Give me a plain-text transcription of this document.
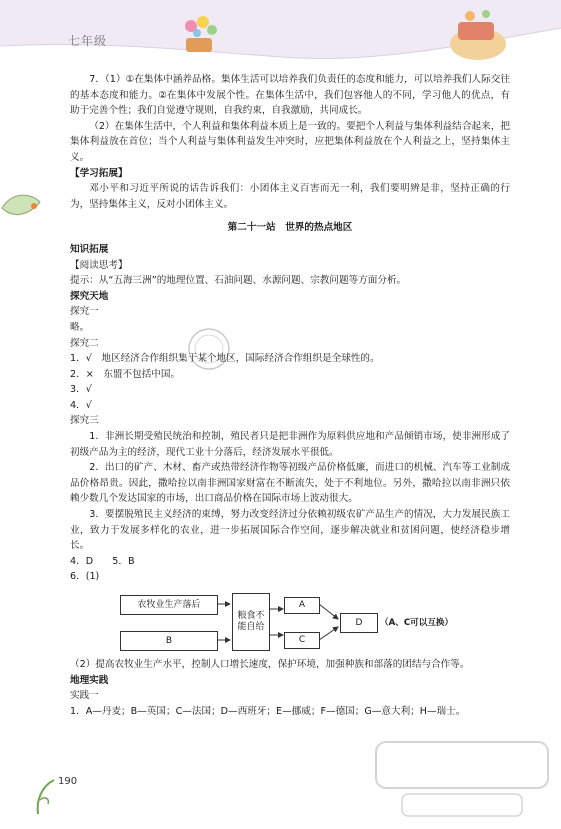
七年级

7．（1）①在集体中涵养品格。集体生活可以培养我们负责任的态度和能力，可以培养我们人际交往的基本态度和能力。②在集体中发展个性。在集体生活中，我们包容他人的不同，学习他人的优点，有助于完善个性；我们自觉遵守规则，自我约束，自我激励，共同成长。

（2）在集体生活中，个人利益和集体利益本质上是一致的。要把个人利益与集体利益结合起来，把集体利益放在首位；当个人利益与集体利益发生冲突时，应把集体利益放在个人利益之上，坚持集体主义。

【学习拓展】

邓小平和习近平所说的话告诉我们：小团体主义百害而无一利，我们要明辨是非，坚持正确的行为，坚持集体主义，反对小团体主义。

第二十一站　世界的热点地区

知识拓展

【阅读思考】

提示：从“五海三洲”的地理位置、石油问题、水源问题、宗教问题等方面分析。

探究天地

探究一

略。

探究二

1．√　地区经济合作组织集于某个地区，国际经济合作组织是全球性的。

2．×　东盟不包括中国。

3．√

4．√

探究三

1．非洲长期受殖民统治和控制，殖民者只是把非洲作为原料供应地和产品倾销市场，使非洲形成了初级产品为主的经济，现代工业十分落后，经济发展水平很低。

2．出口的矿产、木材、畜产或热带经济作物等初级产品价格低廉，而进口的机械、汽车等工业制成品价格昂贵。因此，撒哈拉以南非洲国家财富在不断流失，处于不利地位。另外，撒哈拉以南非洲只依赖少数几个发达国家的市场，出口商品价格在国际市场上波动很大。

3．要摆脱殖民主义经济的束缚，努力改变经济过分依赖初级农矿产品生产的情况，大力发展民族工业，致力于发展多样化的农业，进一步拓展国际合作空间，逐步解决就业和贫困问题，使经济稳步增长。

4．D　　5．B

6．(1)

农牧业生产落后
粮食不能自给
A
B	C
D	（A、C可以互换）

（2）提高农牧业生产水平，控制人口增长速度，保护环境，加强种族和部落的团结与合作等。

地理实践

实践一

1．A—丹麦；B—英国；C—法国；D—西班牙；E—挪威；F—德国；G—意大利；H—瑞士。

190
